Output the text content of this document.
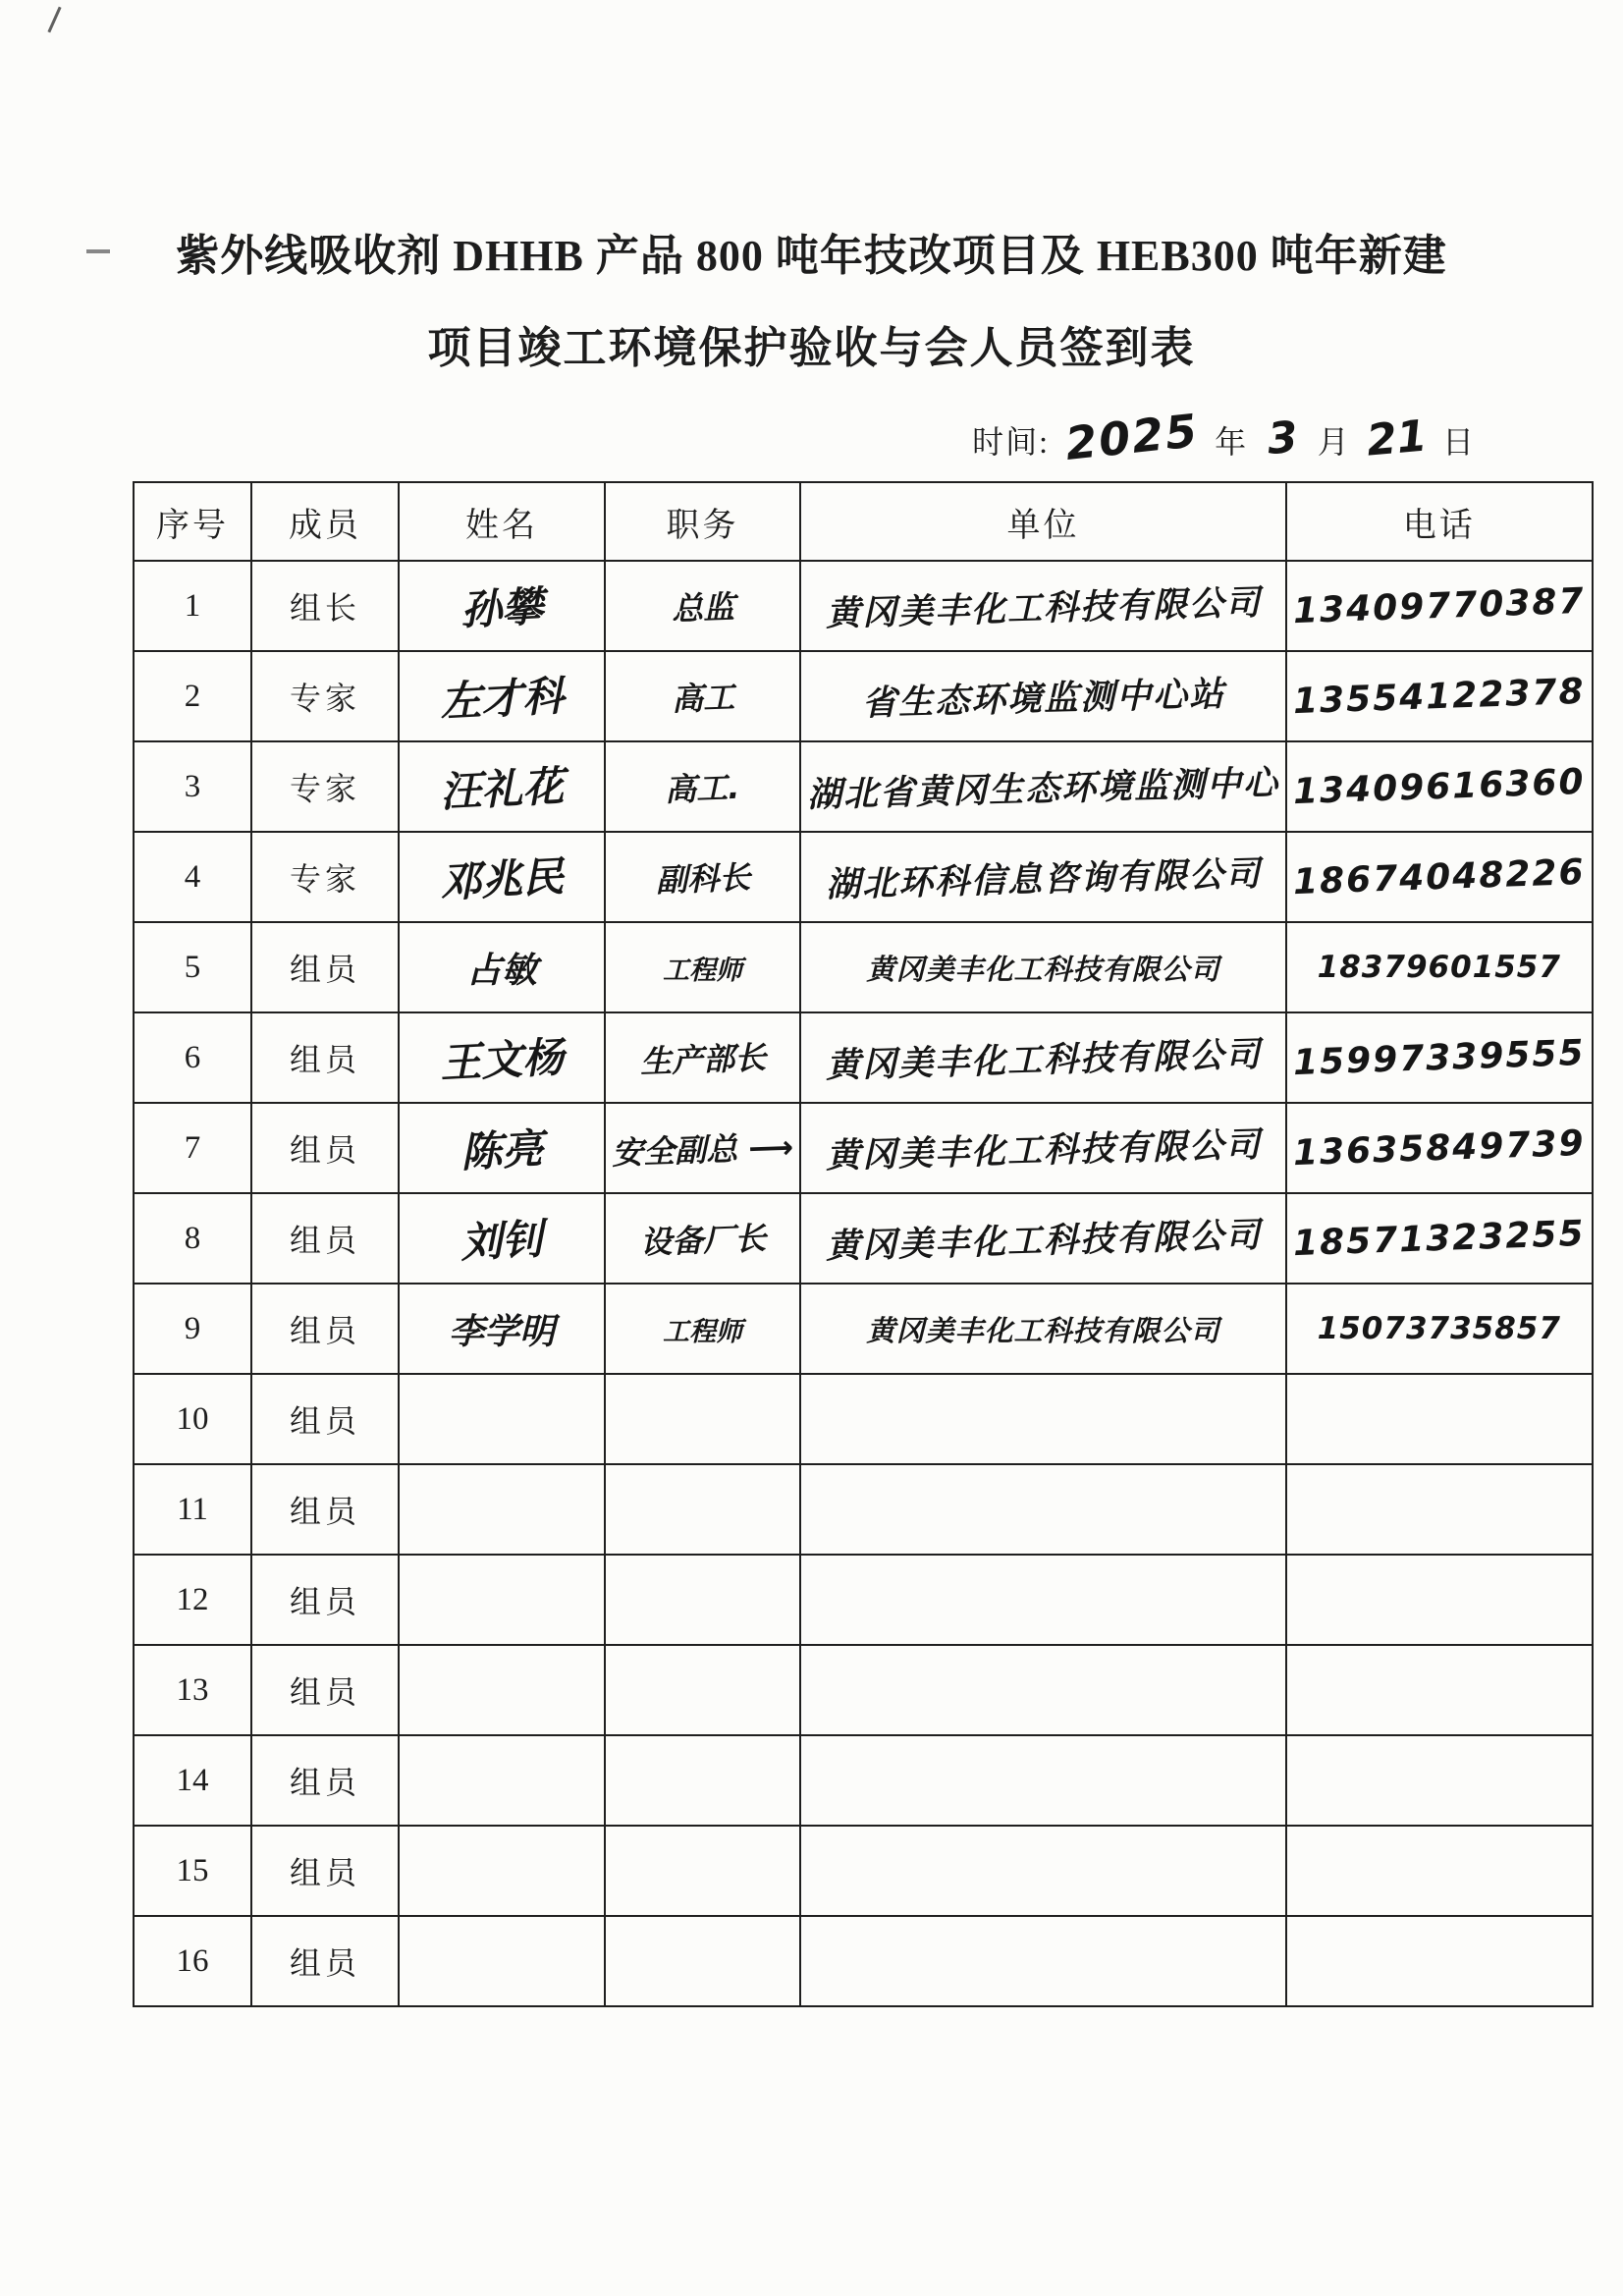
紫外线吸收剂 DHHB 产品 800 吨年技改项目及 HEB300 吨年新建
项目竣工环境保护验收与会人员签到表
时间: 2025 年 3 月 21 日
序号	成员	姓名	职务	单位	电话
1	组长	孙攀	总监	黄冈美丰化工科技有限公司	13409770387
2	专家	左才科	高工	省生态环境监测中心站	13554122378
3	专家	汪礼花	高工.	湖北省黄冈生态环境监测中心	13409616360
4	专家	邓兆民	副科长	湖北环科信息咨询有限公司	18674048226
5	组员	占敏	工程师	黄冈美丰化工科技有限公司	18379601557
6	组员	王文杨	生产部长	黄冈美丰化工科技有限公司	15997339555
7	组员	陈亮	安全副总 ⟶	黄冈美丰化工科技有限公司	13635849739
8	组员	刘钊	设备厂长	黄冈美丰化工科技有限公司	18571323255
9	组员	李学明	工程师	黄冈美丰化工科技有限公司	15073735857
10	组员				
11	组员				
12	组员				
13	组员				
14	组员				
15	组员				
16	组员				
